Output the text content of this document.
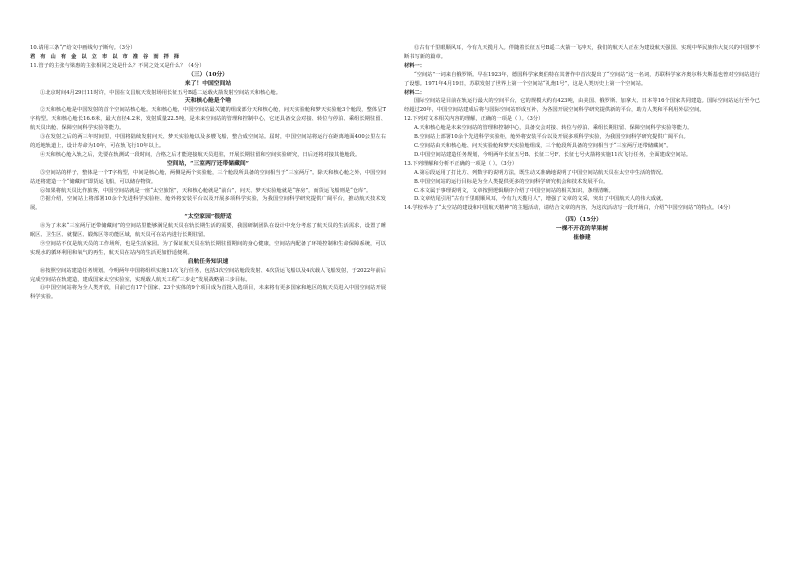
10.请用三条“/”给文中画线句子断句。（3分）

君 有 山 有 金 以 立 市 以 市 准 谷 而 拌 择

11.管子的主张与梁惠的主张相同之处是什么？不同之处又是什么？（4分）

（三）（10分）

来了！中国空间站

①北京时间4月29日11时许，中国在文昌航天发射场用长征五号B遥二运载火箭发射空间站天和核心舱。

天和核心舱是个啥

②天和核心舱是中国发射的首个空间站核心舱。天和核心舱，中国空间站最关键的组成部分天和核心舱，问天实验舱和梦天实验舱3个舱段，整体呈T字构型。天和核心舱长16.6米，最大直径4.2米，发射质量22.5吨，是未来空间站的管理和控制中心，它还具备交会对接、转位与停泊、乘组长期驻留、航天员出舱、保障空间科学实验等能力。

③在发射之后的两三年时间里，中国将陆续发射问天、梦天实验舱以及多艘飞船，整合成空间站。届时，中国空间站将运行在距离地面400公里左右的近地轨道上，设计寿命为10年，可在轨飞行10年以上。

④天和核心舱入轨之后，先要在轨测试一段时间，合格之后才能迎接航天员进驻，开展长期驻留和空间实验研究，日后还将对接其他舱段。

空间站，“三室两厅还带储藏间”

⑤空间站的样子，整体是一个T字构型，中间是核心舱，两侧是两个实验舱，三个舱段所具备的空间相当于“三室两厅”。除天和核心舱之外，中国空间站还将建造一个“储藏间”即货运飞船，可以储存物资。

⑥如果将航天员比作旅客，中国空间站就是一座“太空旅馆”，天和核心舱就是“前台”，问天、梦天实验舱就是“客房”，而货运飞船则是“仓库”。

⑦据介绍，空间站上将部署10余个先进科学实验柜、舱外将安装平台以及开展多项科学实验，为我国空间科学研究提供广阔平台，推动航天技术发展。

“太空家园”很舒适

⑧为了未来“三室两厅还带储藏间”的空间站里能够满足航天员在轨长期生活的需要，我国研制团队在设计中充分考虑了航天员的生活需求，设置了睡眠区、卫生区、就餐区、锻炼区等功能区域，航天员可在站内进行长期驻留。

⑨空间站不仅是航天员的工作场所，也是生活家园。为了保证航天员在轨长期驻留期间的身心健康，空间站内配备了环境控制和生命保障系统，可以实现水的循环利用和氧气的再生，航天员在站内的生活更加舒适便利。

启航任务知识速

⑩按照空间站建造任务规划，今明两年中国将组织实施11次飞行任务，包括3次空间站舱段发射、4次货运飞船以及4次载人飞船发射，于2022年前后完成空间站在轨建造，建成国家太空实验室，实现载人航天工程“三步走”发展战略第三步目标。

⑪中国空间站将为全人类开放，目前已有17个国家、23个实体的9个项目成为首批入选项目，未来将有更多国家和地区的航天员进入中国空间站开展科学实验。

⑫古有千里眼顺风耳，今有九天揽月人。伴随着长征五号B遥二火箭一飞冲天，我们的航天人正在为建设航天强国、实现中华民族伟大复兴的中国梦不断书写新的篇章。

材料一：

“空间站”一词来自俄罗斯。早在1923年，德国科学家奥伯特在其著作中首次提出了“空间站”这一名词，苏联科学家齐奥尔科夫斯基也曾对空间站进行了设想。1971年4月19日，苏联发射了世界上第一个空间站“礼炮1号”，这是人类历史上第一个空间站。

材料二：

国际空间站是目前在轨运行最大的空间平台，它的规模大约有423吨，由美国、俄罗斯、加拿大、日本等16个国家共同建造。国际空间站运行至今已经超过20年，中国空间站建成后将与国际空间站形成互补，为各国开展空间科学研究提供新的平台，助力人类和平利用外层空间。

12.下列对文本相关内容的理解，正确的一项是（ ）。（3分）

A.天和核心舱是未来空间站的管理和控制中心，具备交会对接、转位与停泊、乘组长期驻留、保障空间科学实验等能力。

B.空间站上部署10余个先进科学实验柜，舱外将安装平台以及开展多项科学实验，为我国空间科学研究提供广阔平台。

C.空间站由天和核心舱、问天实验舱和梦天实验舱组成，三个舱段所具备的空间相当于“三室两厅还带储藏间”。

D.中国空间站建造任务规划，今明两年长征五号B、长征二号F、长征七号火箭将实施11次飞行任务，全面建成空间站。

13.下列理解和分析不正确的一项是（ ）。（3分）

A.第⑥段运用了打比方、列数字的说明方法，既生动又准确地说明了中国空间站航天员在太空中生活的情况。

B.中国空间站的运行目标是为全人类提供更多的空间科学研究机会和技术发展平台。

C.本文属于事理说明文，文章按照逻辑顺序介绍了中国空间站的相关知识，条理清晰。

D.文章结尾引用“古有千里眼顺风耳，今有九天揽月人”，增强了文章的文采，突出了中国航天人的伟大成就。

14.学校举办了“太空站的建设和中国航天精神”的主题活动，请结合文章的内容，为这次活动写一段开场白，介绍“中国空间站”的特点。（4分）

（四）（15分）

一棵不开花的苹果树

崔修建
